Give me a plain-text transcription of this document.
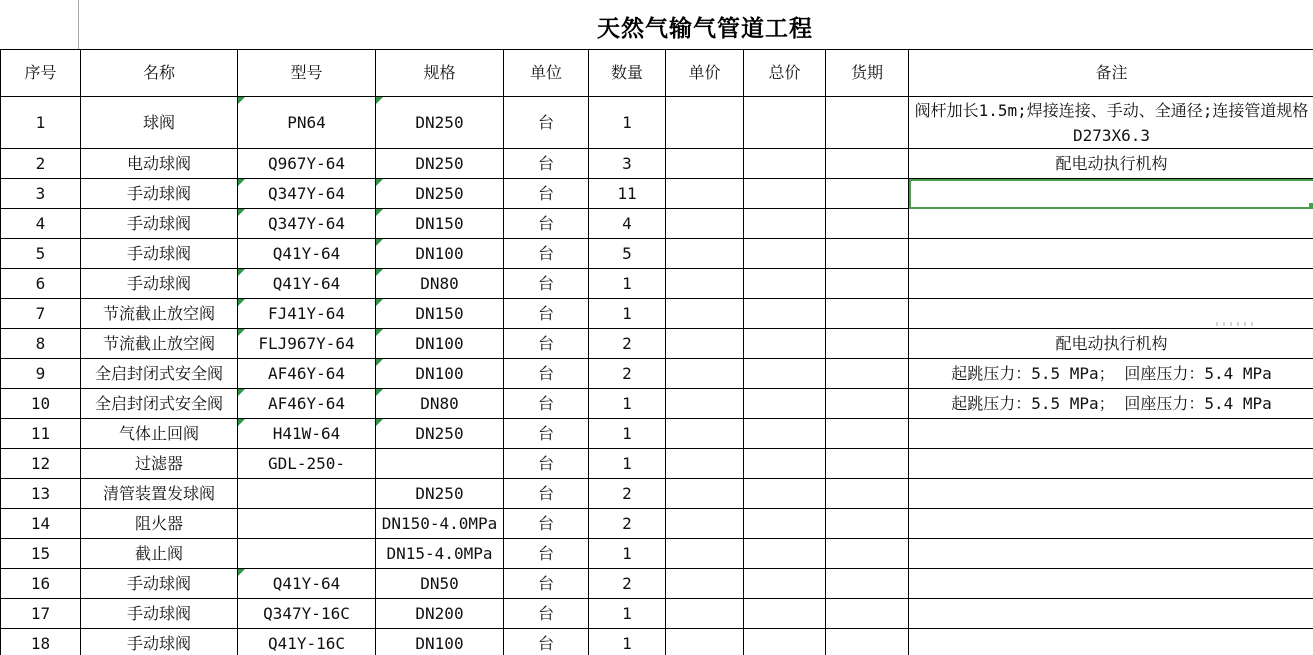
天然气输气管道工程
序号	名称	型号	规格	单位	数量	单价	总价	货期	备注
1	球阀	PN64	DN250	台	1				阀杆加长1.5m;焊接连接、手动、全通径;连接管道规格D273X6.3
2	电动球阀	Q967Y-64	DN250	台	3				配电动执行机构
3	手动球阀	Q347Y-64	DN250	台	11				
4	手动球阀	Q347Y-64	DN150	台	4				
5	手动球阀	Q41Y-64	DN100	台	5				
6	手动球阀	Q41Y-64	DN80	台	1				
7	节流截止放空阀	FJ41Y-64	DN150	台	1				
8	节流截止放空阀	FLJ967Y-64	DN100	台	2				配电动执行机构
9	全启封闭式安全阀	AF46Y-64	DN100	台	2				起跳压力：5.5 MPa； 回座压力：5.4 MPa
10	全启封闭式安全阀	AF46Y-64	DN80	台	1				起跳压力：5.5 MPa； 回座压力：5.4 MPa
11	气体止回阀	H41W-64	DN250	台	1				
12	过滤器	GDL-250-		台	1				
13	清管装置发球阀		DN250	台	2				
14	阻火器		DN150-4.0MPa	台	2				
15	截止阀		DN15-4.0MPa	台	1				
16	手动球阀	Q41Y-64	DN50	台	2				
17	手动球阀	Q347Y-16C	DN200	台	1				
18	手动球阀	Q41Y-16C	DN100	台	1				
